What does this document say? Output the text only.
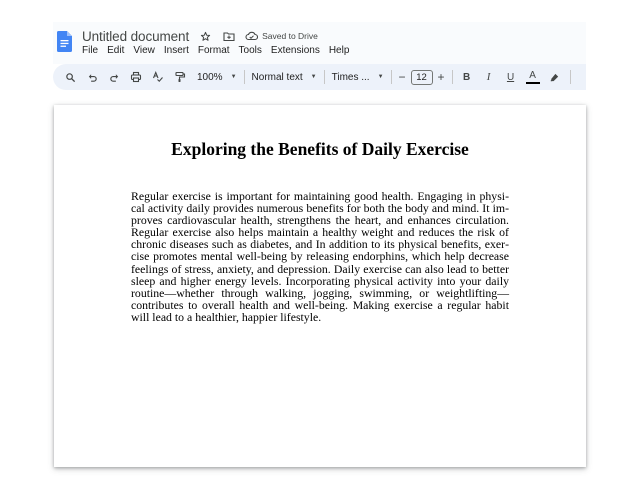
Untitled document	Saved to Drive
File Edit View Insert Format Tools Extensions Help
100% ▼ Normal text ▼ Times ... ▼ −	12 +	B	I	U	A
Exploring the Benefits of Daily Exercise
Regular exercise is important for maintaining good health. Engaging in physical activity daily provides numerous benefits for both the body and mind. It improves cardiovascular health, strengthens the heart, and enhances circulation. Regular exercise also helps maintain a healthy weight and reduces the risk of chronic diseases such as diabetes, and In addition to its physical benefits, exercise promotes mental well-being by releasing endorphins, which help decrease feelings of stress, anxiety, and depression. Daily exercise can also lead to better sleep and higher energy levels. Incorporating physical activity into your daily routine—whether through walking, jogging, swimming, or weightlifting—contributes to overall health and well-being. Making exercise a regular habit will lead to a healthier, happier lifestyle.
